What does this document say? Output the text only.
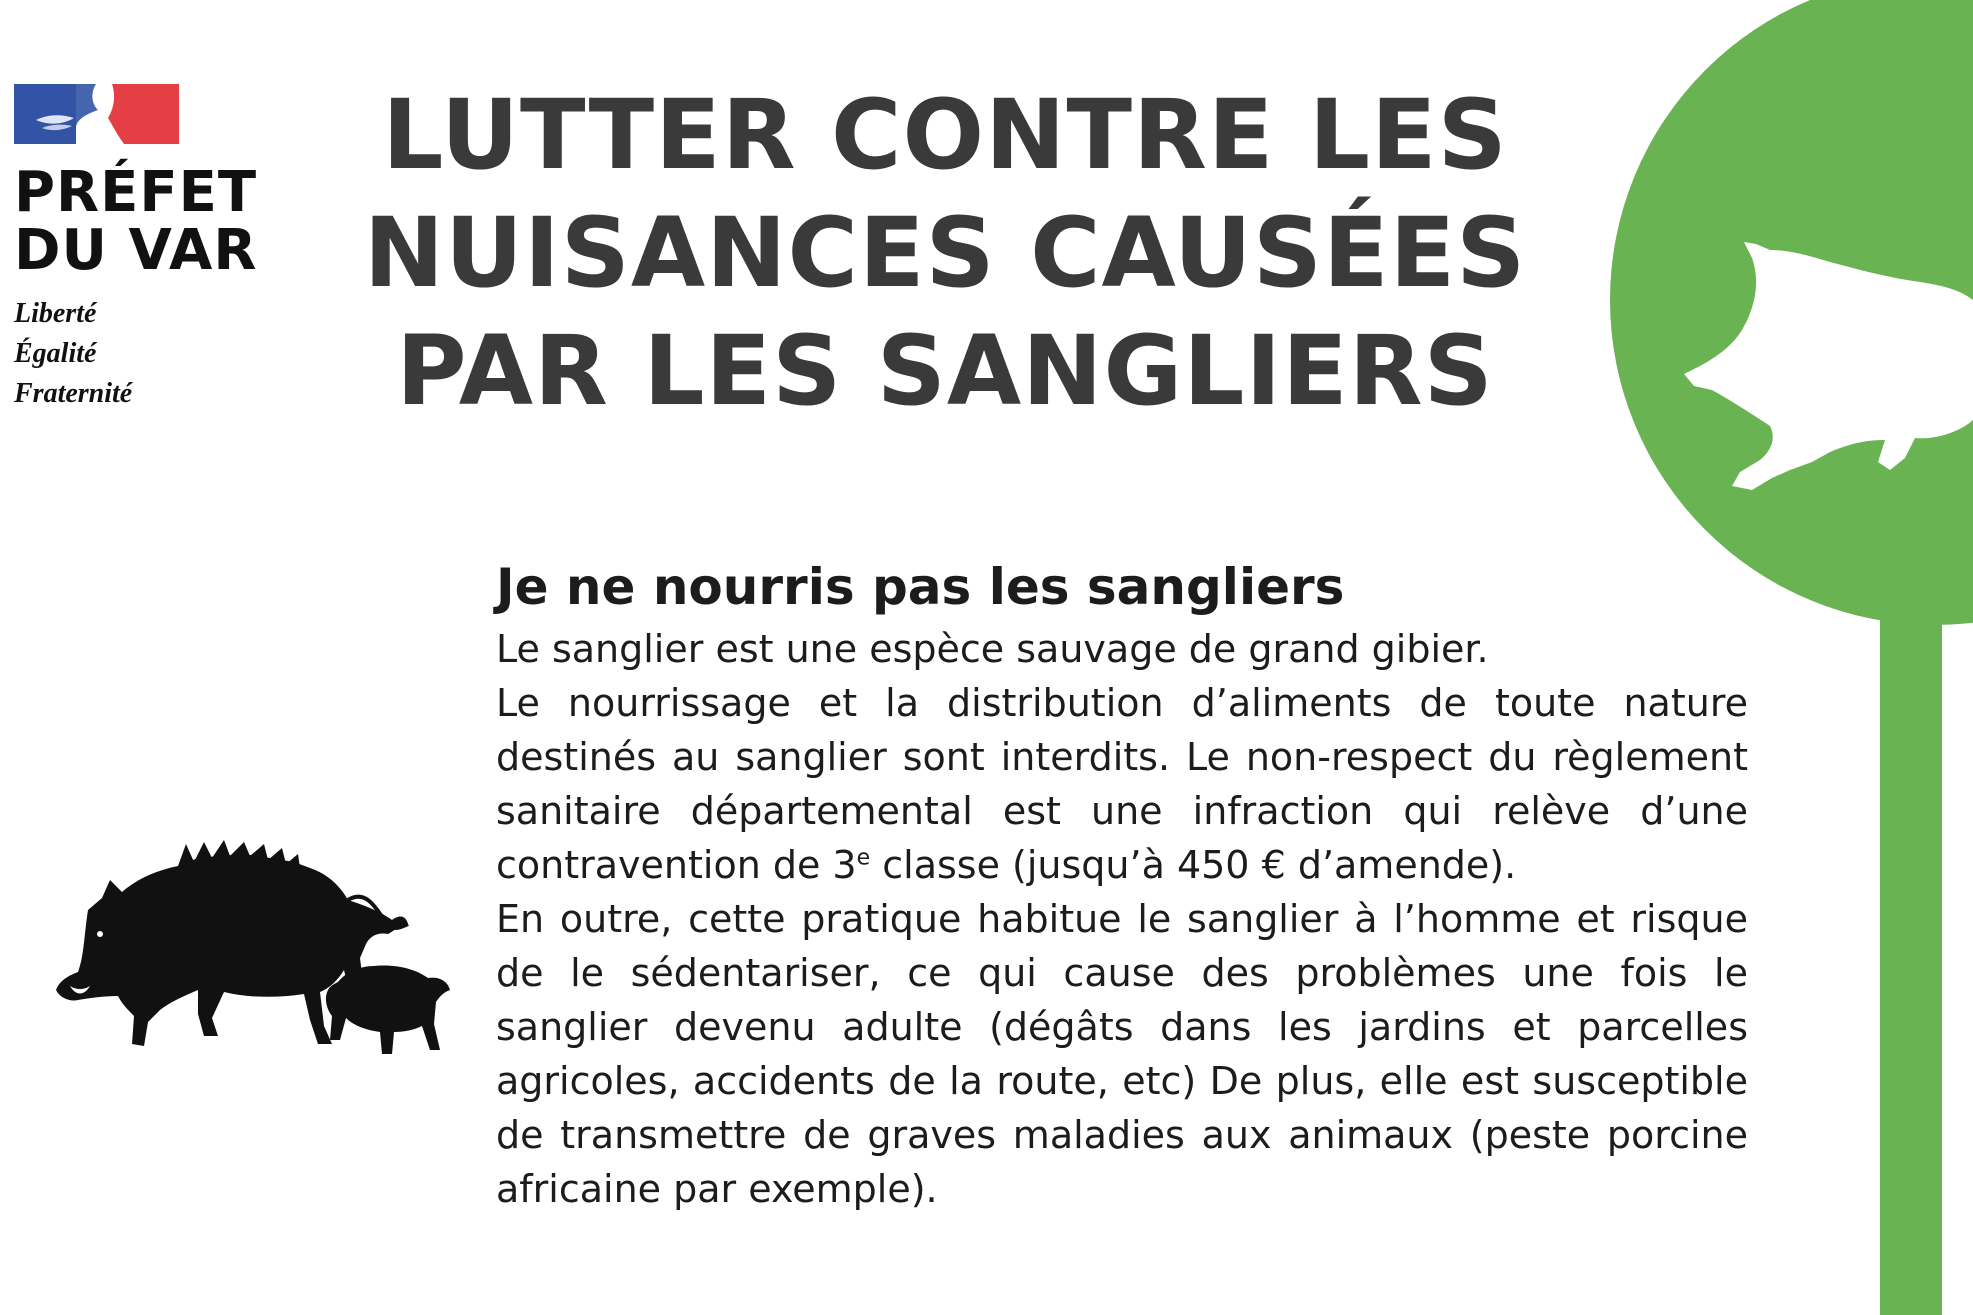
PRÉFET
DU VAR
Liberté
Égalité
Fraternité
LUTTER CONTRE LES
NUISANCES CAUSÉES
PAR LES SANGLIERS
Je ne nourris pas les sangliers

Le sanglier est une espèce sauvage de grand gibier.

Le nourrissage et la distribution d’aliments de toute nature destinés au sanglier sont interdits. Le non-respect du règlement sanitaire départemental est une infraction qui relève d’une contravention de 3e classe (jusqu’à 450 € d’amende).

En outre, cette pratique habitue le sanglier à l’homme et risque de le sédentariser, ce qui cause des problèmes une fois le sanglier devenu adulte (dégâts dans les jardins et parcelles agricoles, accidents de la route, etc) De plus, elle est susceptible de transmettre de graves maladies aux animaux (peste porcine africaine par exemple).
